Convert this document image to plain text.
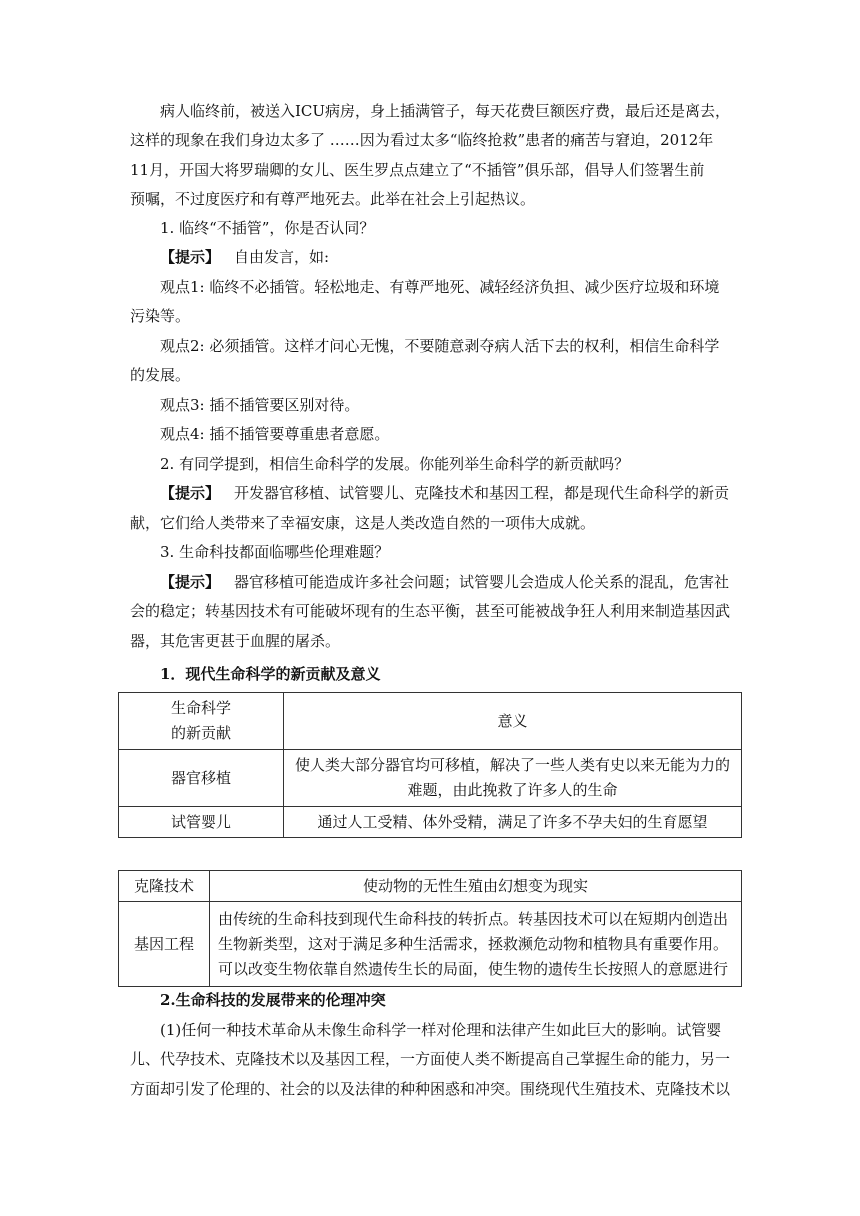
病人临终前，被送入ICU病房，身上插满管子，每天花费巨额医疗费，最后还是离去，

这样的现象在我们身边太多了 ……因为看过太多“临终抢救”患者的痛苦与窘迫，2012年

11月，开国大将罗瑞卿的女儿、医生罗点点建立了“不插管”俱乐部，倡导人们签署生前

预嘱，不过度医疗和有尊严地死去。此举在社会上引起热议。

1. 临终“不插管”，你是否认同？

【提示】 自由发言，如:

观点1: 临终不必插管。轻松地走、有尊严地死、减轻经济负担、减少医疗垃圾和环境

污染等。

观点2: 必须插管。这样才问心无愧，不要随意剥夺病人活下去的权利，相信生命科学

的发展。

观点3: 插不插管要区别对待。

观点4: 插不插管要尊重患者意愿。

2. 有同学提到，相信生命科学的发展。你能列举生命科学的新贡献吗？

【提示】 开发器官移植、试管婴儿、克隆技术和基因工程，都是现代生命科学的新贡

献，它们给人类带来了幸福安康，这是人类改造自然的一项伟大成就。

3. 生命科技都面临哪些伦理难题？

【提示】 器官移植可能造成许多社会问题；试管婴儿会造成人伦关系的混乱，危害社

会的稳定；转基因技术有可能破坏现有的生态平衡，甚至可能被战争狂人利用来制造基因武

器，其危害更甚于血腥的屠杀。

1．现代生命科学的新贡献及意义

生命科学
的新贡献	意义
器官移植	使人类大部分器官均可移植，解决了一些人类有史以来无能为力的
难题，由此挽救了许多人的生命

试管婴儿	通过人工受精、体外受精，满足了许多不孕夫妇的生育愿望
克隆技术	使动物的无性生殖由幻想变为现实
基因工程	由传统的生命科技到现代生命科技的转折点。转基因技术可以在短期内创造出
生物新类型，这对于满足多种生活需求，拯救濒危动物和植物具有重要作用。
可以改变生物依靠自然遗传生长的局面，使生物的遗传生长按照人的意愿进行

2.生命科技的发展带来的伦理冲突

(1)任何一种技术革命从未像生命科学一样对伦理和法律产生如此巨大的影响。试管婴

儿、代孕技术、克隆技术以及基因工程，一方面使人类不断提高自己掌握生命的能力，另一

方面却引发了伦理的、社会的以及法律的种种困惑和冲突。围绕现代生殖技术、克隆技术以
